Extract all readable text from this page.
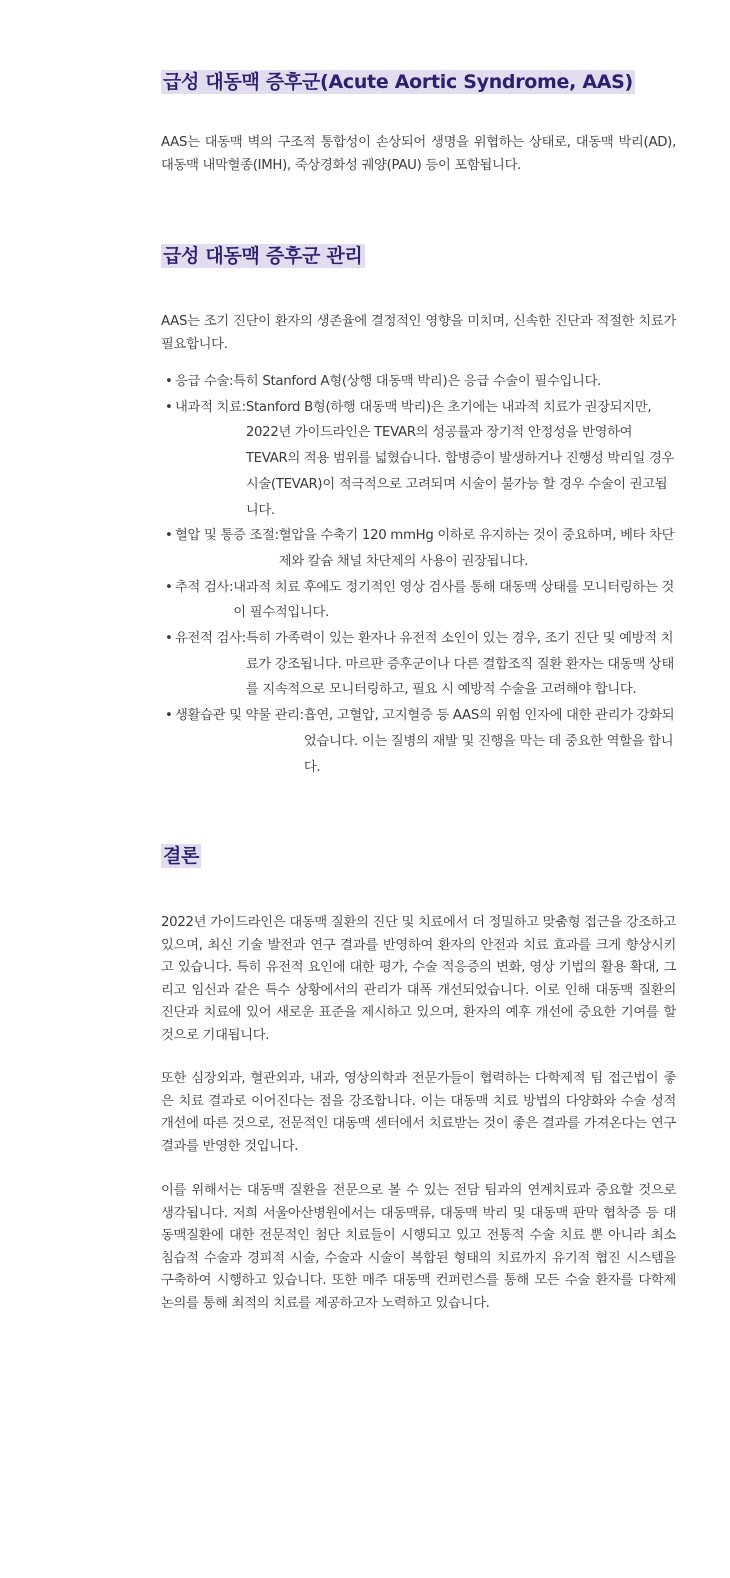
급성 대동맥 증후군(Acute Aortic Syndrome, AAS)

AAS는 대동맥 벽의 구조적 통합성이 손상되어 생명을 위협하는 상태로, 대동맥 박리(AD), 대동맥 내막혈종(IMH), 죽상경화성 궤양(PAU) 등이 포함됩니다.

급성 대동맥 증후군 관리

AAS는 조기 진단이 환자의 생존율에 결정적인 영향을 미치며, 신속한 진단과 적절한 치료가 필요합니다.

• 응급 수술: 특히 Stanford A형(상행 대동맥 박리)은 응급 수술이 필수입니다.
• 내과적 치료: Stanford B형(하행 대동맥 박리)은 초기에는 내과적 치료가 권장되지만, 2022년 가이드라인은 TEVAR의 성공률과 장기적 안정성을 반영하여 TEVAR의 적용 범위를 넓혔습니다. 합병증이 발생하거나 진행성 박리일 경우 시술(TEVAR)이 적극적으로 고려되며 시술이 불가능 할 경우 수술이 권고됩니다.
• 혈압 및 통증 조절: 혈압을 수축기 120 mmHg 이하로 유지하는 것이 중요하며, 베타 차단제와 칼슘 채널 차단제의 사용이 권장됩니다.
• 추적 검사: 내과적 치료 후에도 정기적인 영상 검사를 통해 대동맥 상태를 모니터링하는 것이 필수적입니다.
• 유전적 검사: 특히 가족력이 있는 환자나 유전적 소인이 있는 경우, 조기 진단 및 예방적 치료가 강조됩니다. 마르판 증후군이나 다른 결합조직 질환 환자는 대동맥 상태를 지속적으로 모니터링하고, 필요 시 예방적 수술을 고려해야 합니다.
• 생활습관 및 약물 관리: 흡연, 고혈압, 고지혈증 등 AAS의 위험 인자에 대한 관리가 강화되었습니다. 이는 질병의 재발 및 진행을 막는 데 중요한 역할을 합니다.
결론

2022년 가이드라인은 대동맥 질환의 진단 및 치료에서 더 정밀하고 맞춤형 접근을 강조하고 있으며, 최신 기술 발전과 연구 결과를 반영하여 환자의 안전과 치료 효과를 크게 향상시키고 있습니다. 특히 유전적 요인에 대한 평가, 수술 적응증의 변화, 영상 기법의 활용 확대, 그리고 임신과 같은 특수 상황에서의 관리가 대폭 개선되었습니다. 이로 인해 대동맥 질환의 진단과 치료에 있어 새로운 표준을 제시하고 있으며, 환자의 예후 개선에 중요한 기여를 할 것으로 기대됩니다.

또한 심장외과, 혈관외과, 내과, 영상의학과 전문가들이 협력하는 다학제적 팀 접근법이 좋은 치료 결과로 이어진다는 점을 강조합니다. 이는 대동맥 치료 방법의 다양화와 수술 성적 개선에 따른 것으로, 전문적인 대동맥 센터에서 치료받는 것이 좋은 결과를 가져온다는 연구 결과를 반영한 것입니다.

이를 위해서는 대동맥 질환을 전문으로 볼 수 있는 전담 팀과의 연계치료과 중요할 것으로 생각됩니다. 저희 서울아산병원에서는 대동맥류, 대동맥 박리 및 대동맥 판막 협착증 등 대동맥질환에 대한 전문적인 첨단 치료들이 시행되고 있고 전통적 수술 치료 뿐 아니라 최소 침습적 수술과 경피적 시술, 수술과 시술이 복합된 형태의 치료까지 유기적 협진 시스템을 구축하여 시행하고 있습니다. 또한 매주 대동맥 컨퍼런스를 통해 모든 수술 환자를 다학제 논의를 통해 최적의 치료를 제공하고자 노력하고 있습니다.
